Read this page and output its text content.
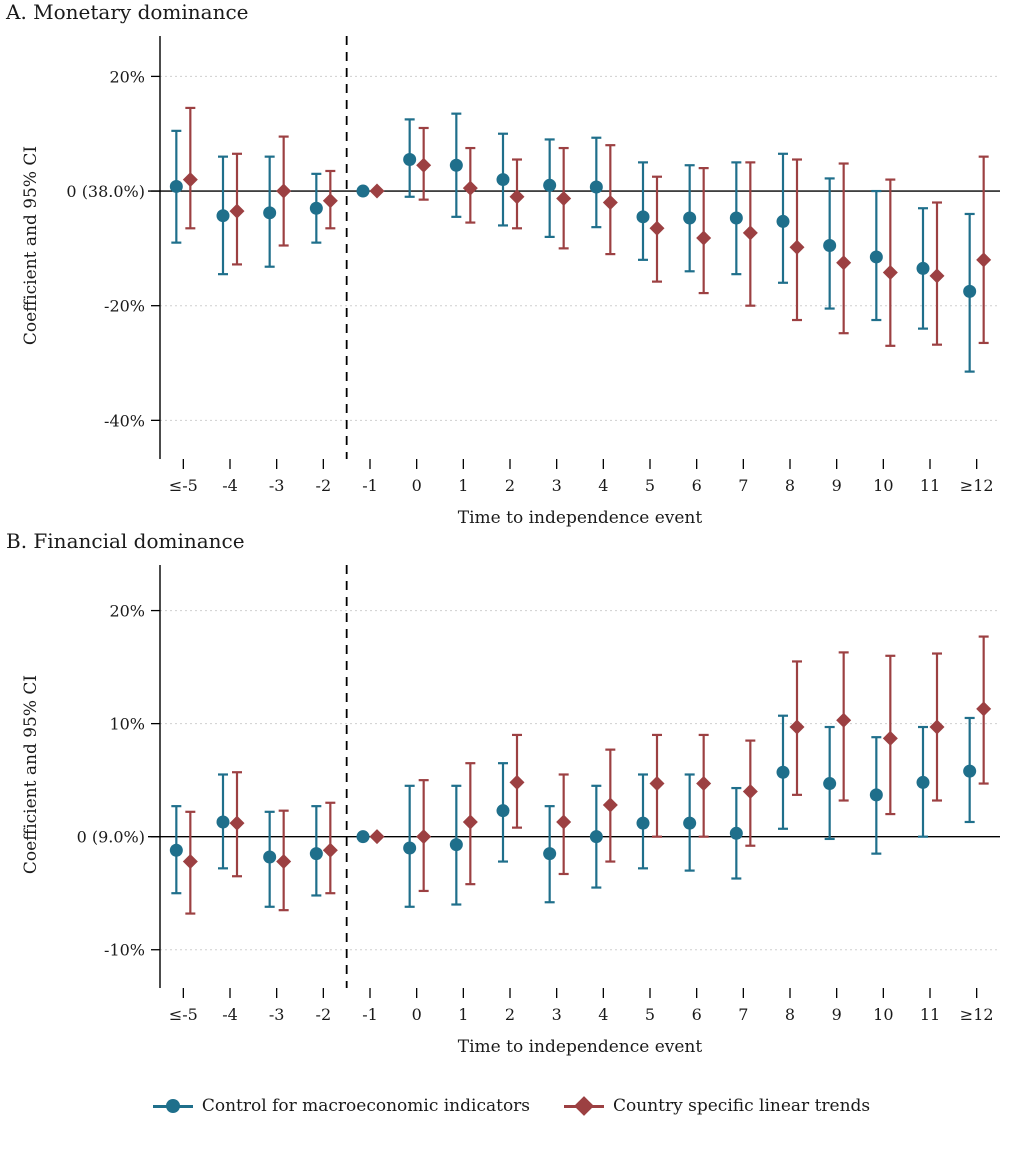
A. Monetary dominance
20%
0 (38.0%)
-20%
-40%
≤-5 -4 -3 -2 -1 0 1 2 3 4 5 6 7 8 9 10 11 ≥12
Time to independence event
Coefficient and 95% CI
B. Financial dominance
20%
10%
0 (9.0%)
-10%
≤-5 -4 -3 -2 -1 0 1 2 3 4 5 6 7 8 9 10 11 ≥12
Time to independence event
Coefficient and 95% CI
Control for macroeconomic indicators	Country specific linear trends
